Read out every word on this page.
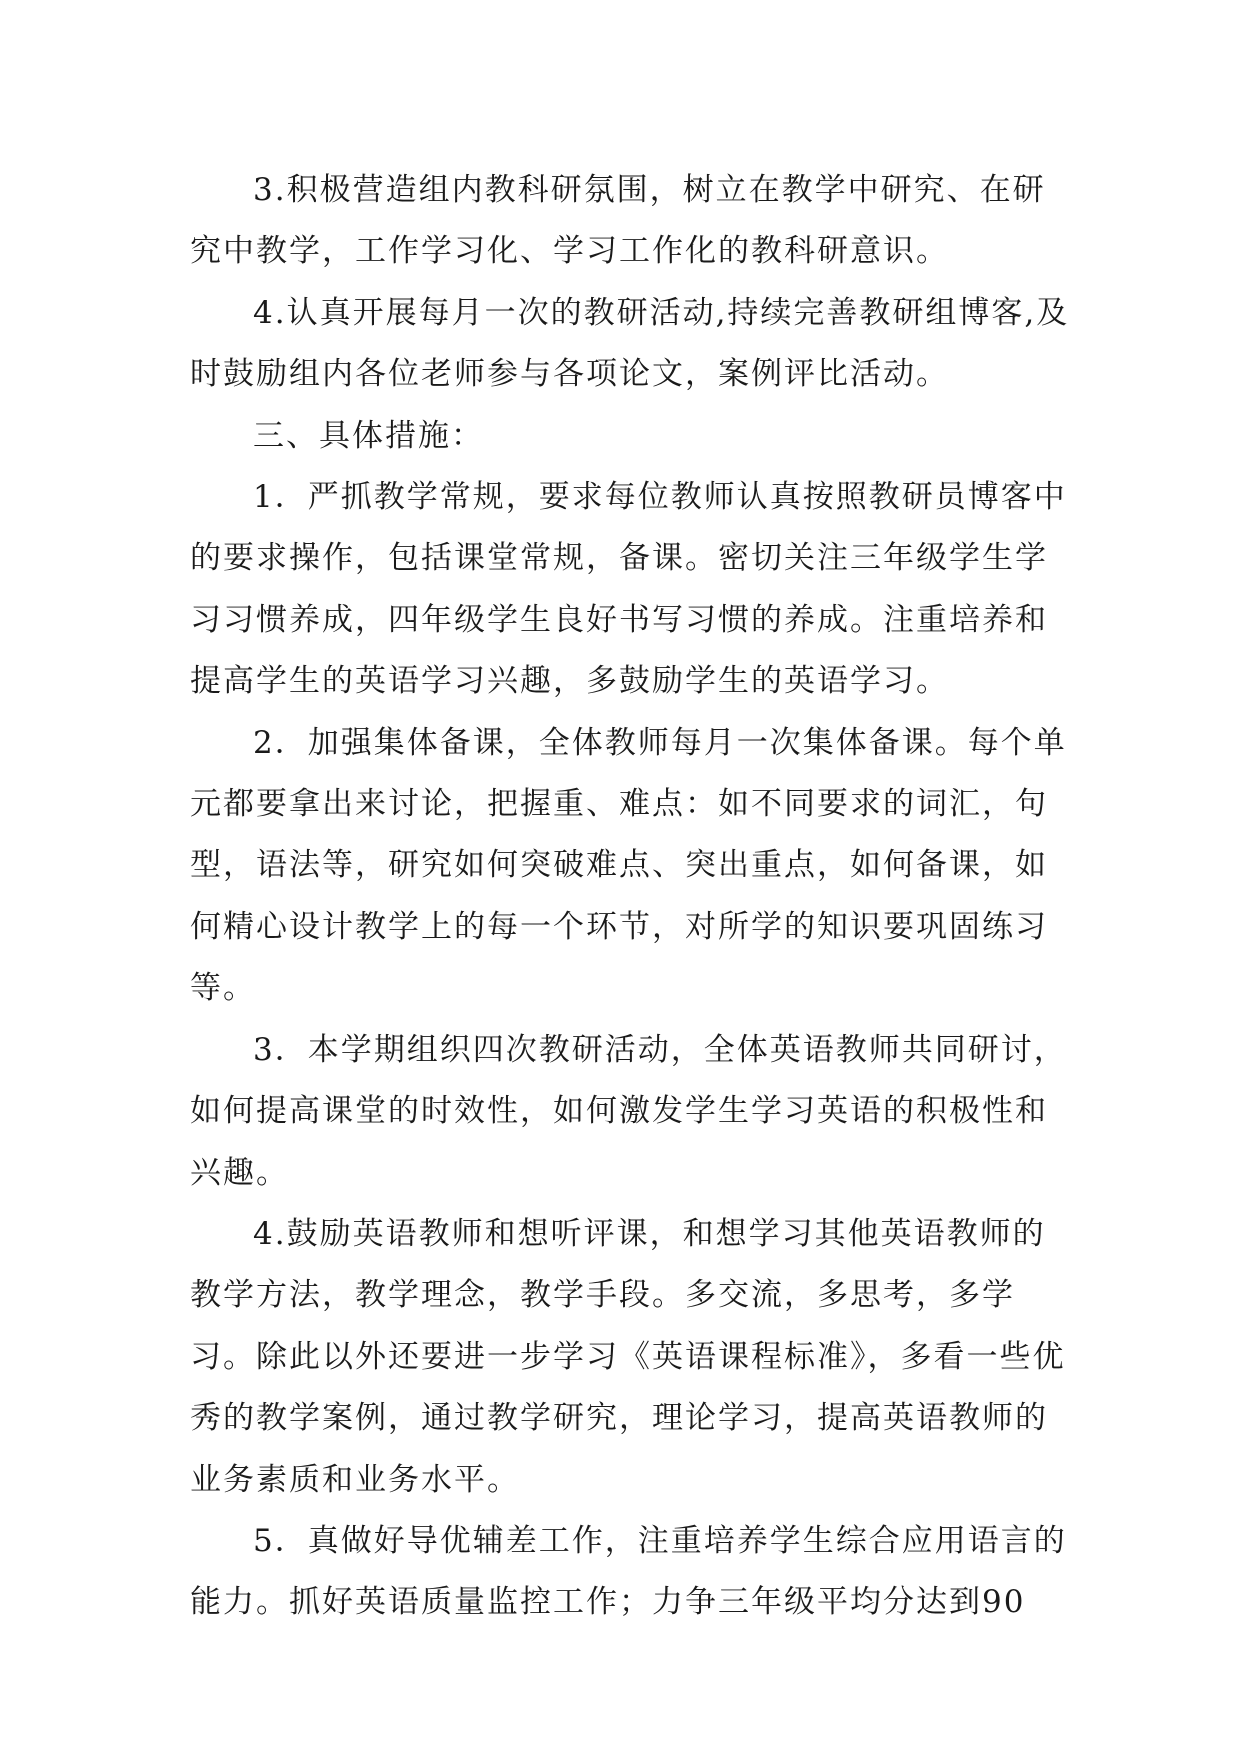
3.积极营造组内教科研氛围，树立在教学中研究、在研究中教学，工作学习化、学习工作化的教科研意识。

4.认真开展每月一次的教研活动,持续完善教研组博客,及时鼓励组内各位老师参与各项论文，案例评比活动。

三、具体措施：

1．严抓教学常规，要求每位教师认真按照教研员博客中的要求操作，包括课堂常规，备课。密切关注三年级学生学习习惯养成，四年级学生良好书写习惯的养成。注重培养和提高学生的英语学习兴趣，多鼓励学生的英语学习。

2．加强集体备课，全体教师每月一次集体备课。每个单元都要拿出来讨论，把握重、难点：如不同要求的词汇，句型，语法等，研究如何突破难点、突出重点，如何备课，如何精心设计教学上的每一个环节，对所学的知识要巩固练习等。

3．本学期组织四次教研活动，全体英语教师共同研讨，如何提高课堂的时效性，如何激发学生学习英语的积极性和兴趣。

4.鼓励英语教师和想听评课，和想学习其他英语教师的教学方法，教学理念，教学手段。多交流，多思考，多学习。除此以外还要进一步学习《英语课程标准》，多看一些优秀的教学案例，通过教学研究，理论学习，提高英语教师的业务素质和业务水平。

5．真做好导优辅差工作，注重培养学生综合应用语言的能力。抓好英语质量监控工作；力争三年级平均分达到90
